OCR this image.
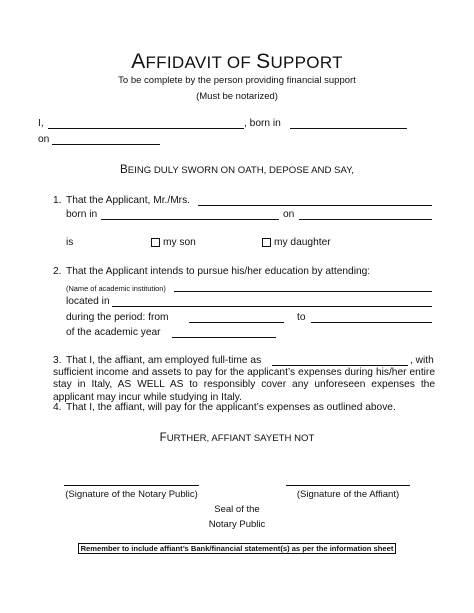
AFFIDAVIT OF SUPPORT
To be complete by the person providing financial support
(Must be notarized)
I,	, born in
on
BEING DULY SWORN ON OATH, DEPOSE AND SAY,
1. That the Applicant, Mr./Mrs.
born in	on
is	my son	my daughter
2. That the Applicant intends to pursue his/her education by attending:
(Name of academic institution)
located in
during the period: from	to
of the academic year
3. That I, the affiant, am employed full-time as	, with
sufficient income and assets to pay for the applicant’s expenses during his/her entire stay in Italy, AS WELL AS to responsibly cover any unforeseen expenses the applicant may incur while studying in Italy.
4. That I, the affiant, will pay for the applicant’s expenses as outlined above.
FURTHER, AFFIANT SAYETH NOT
(Signature of the Notary Public)	(Signature of the Affiant)
Seal of the
Notary Public
Remember to include affiant’s Bank/financial statement(s) as per the information sheet
